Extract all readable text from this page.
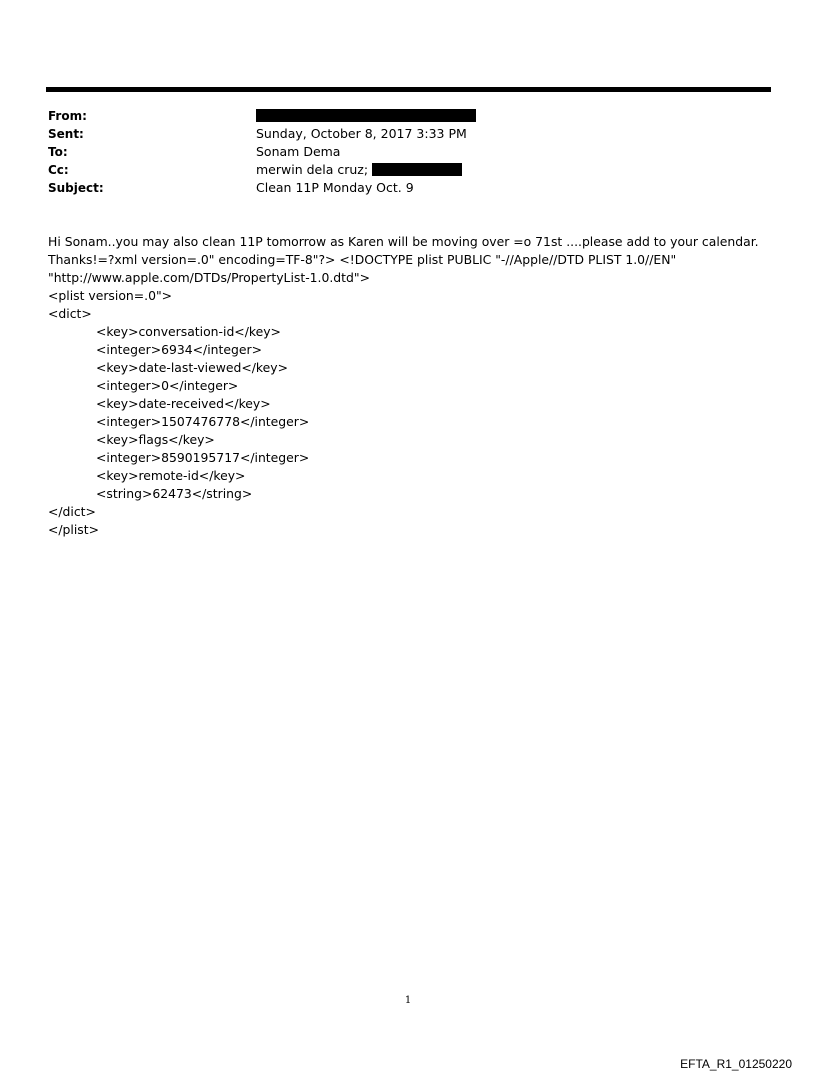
From:
Sent:	Sunday, October 8, 2017 3:33 PM
To:	Sonam Dema
Cc:	merwin dela cruz;
Subject:	Clean 11P Monday Oct. 9
Hi Sonam..you may also clean 11P tomorrow as Karen will be moving over =o 71st ....please add to your calendar.
Thanks!=?xml version=.0" encoding=TF-8"?> <!DOCTYPE plist PUBLIC "-//Apple//DTD PLIST 1.0//EN"
"http://www.apple.com/DTDs/PropertyList-1.0.dtd">
<plist version=.0">
<dict>
<key>conversation-id</key>
<integer>6934</integer>
<key>date-last-viewed</key>
<integer>0</integer>
<key>date-received</key>
<integer>1507476778</integer>
<key>flags</key>
<integer>8590195717</integer>
<key>remote-id</key>
<string>62473</string>
</dict>
</plist>
1
EFTA_R1_01250220
